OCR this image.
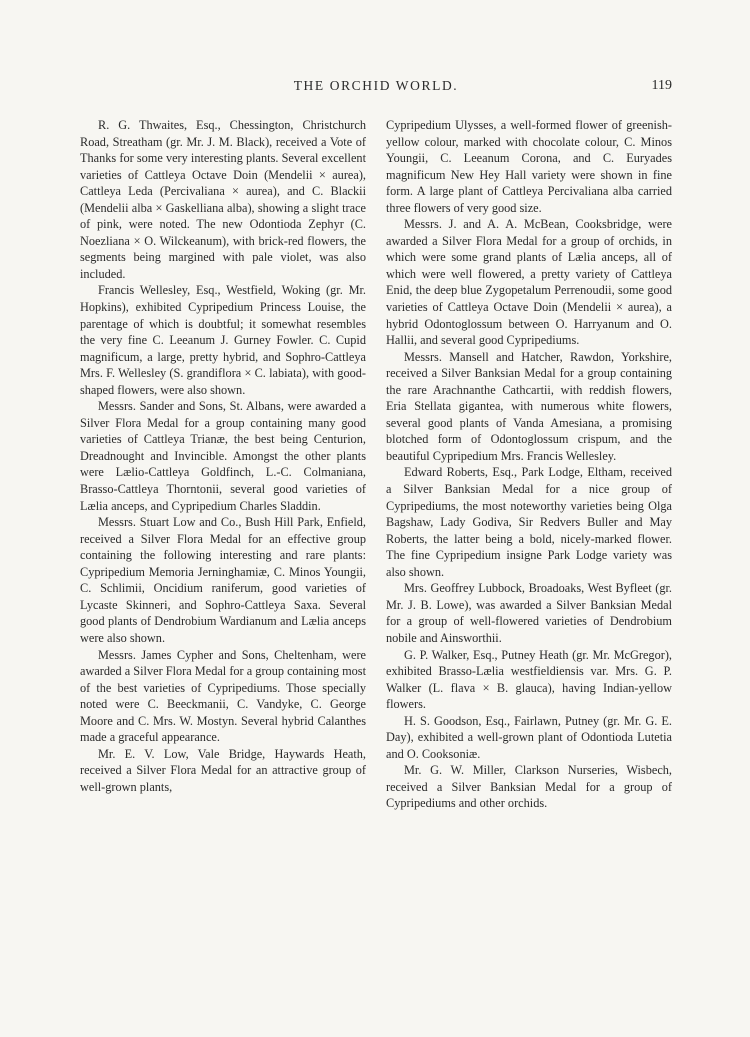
THE ORCHID WORLD.	119

R. G. Thwaites, Esq., Chessington, Christchurch Road, Streatham (gr. Mr. J. M. Black), received a Vote of Thanks for some very interesting plants. Several excellent varieties of Cattleya Octave Doin (Mendelii × aurea), Cattleya Leda (Percivaliana × aurea), and C. Blackii (Mendelii alba × Gaskelliana alba), showing a slight trace of pink, were noted. The new Odontioda Zephyr (C. Noezliana × O. Wilckeanum), with brick-red flowers, the segments being margined with pale violet, was also included.

Francis Wellesley, Esq., Westfield, Woking (gr. Mr. Hopkins), exhibited Cypripedium Princess Louise, the parentage of which is doubtful; it somewhat resembles the very fine C. Leeanum J. Gurney Fowler. C. Cupid magnificum, a large, pretty hybrid, and Sophro-Cattleya Mrs. F. Wellesley (S. grandiflora × C. labiata), with good-shaped flowers, were also shown.

Messrs. Sander and Sons, St. Albans, were awarded a Silver Flora Medal for a group containing many good varieties of Cattleya Trianæ, the best being Centurion, Dreadnought and Invincible. Amongst the other plants were Lælio-Cattleya Goldfinch, L.-C. Colmaniana, Brasso-Cattleya Thorntonii, several good varieties of Lælia anceps, and Cypripedium Charles Sladdin.

Messrs. Stuart Low and Co., Bush Hill Park, Enfield, received a Silver Flora Medal for an effective group containing the following interesting and rare plants: Cypripedium Memoria Jerninghamiæ, C. Minos Youngii, C. Schlimii, Oncidium raniferum, good varieties of Lycaste Skinneri, and Sophro-Cattleya Saxa. Several good plants of Dendrobium Wardianum and Lælia anceps were also shown.

Messrs. James Cypher and Sons, Cheltenham, were awarded a Silver Flora Medal for a group containing most of the best varieties of Cypripediums. Those specially noted were C. Beeckmanii, C. Vandyke, C. George Moore and C. Mrs. W. Mostyn. Several hybrid Calanthes made a graceful appearance.

Mr. E. V. Low, Vale Bridge, Haywards Heath, received a Silver Flora Medal for an attractive group of well-grown plants,

Cypripedium Ulysses, a well-formed flower of greenish-yellow colour, marked with chocolate colour, C. Minos Youngii, C. Leeanum Corona, and C. Euryades magnificum New Hey Hall variety were shown in fine form. A large plant of Cattleya Percivaliana alba carried three flowers of very good size.

Messrs. J. and A. A. McBean, Cooksbridge, were awarded a Silver Flora Medal for a group of orchids, in which were some grand plants of Lælia anceps, all of which were well flowered, a pretty variety of Cattleya Enid, the deep blue Zygopetalum Perrenoudii, some good varieties of Cattleya Octave Doin (Mendelii × aurea), a hybrid Odontoglossum between O. Harryanum and O. Hallii, and several good Cypripediums.

Messrs. Mansell and Hatcher, Rawdon, Yorkshire, received a Silver Banksian Medal for a group containing the rare Arachnanthe Cathcartii, with reddish flowers, Eria Stellata gigantea, with numerous white flowers, several good plants of Vanda Amesiana, a promising blotched form of Odontoglossum crispum, and the beautiful Cypripedium Mrs. Francis Wellesley.

Edward Roberts, Esq., Park Lodge, Eltham, received a Silver Banksian Medal for a nice group of Cypripediums, the most noteworthy varieties being Olga Bagshaw, Lady Godiva, Sir Redvers Buller and May Roberts, the latter being a bold, nicely-marked flower. The fine Cypripedium insigne Park Lodge variety was also shown.

Mrs. Geoffrey Lubbock, Broadoaks, West Byfleet (gr. Mr. J. B. Lowe), was awarded a Silver Banksian Medal for a group of well-flowered varieties of Dendrobium nobile and Ainsworthii.

G. P. Walker, Esq., Putney Heath (gr. Mr. McGregor), exhibited Brasso-Lælia westfieldiensis var. Mrs. G. P. Walker (L. flava × B. glauca), having Indian-yellow flowers.

H. S. Goodson, Esq., Fairlawn, Putney (gr. Mr. G. E. Day), exhibited a well-grown plant of Odontioda Lutetia and O. Cooksoniæ.

Mr. G. W. Miller, Clarkson Nurseries, Wisbech, received a Silver Banksian Medal for a group of Cypripediums and other orchids.
